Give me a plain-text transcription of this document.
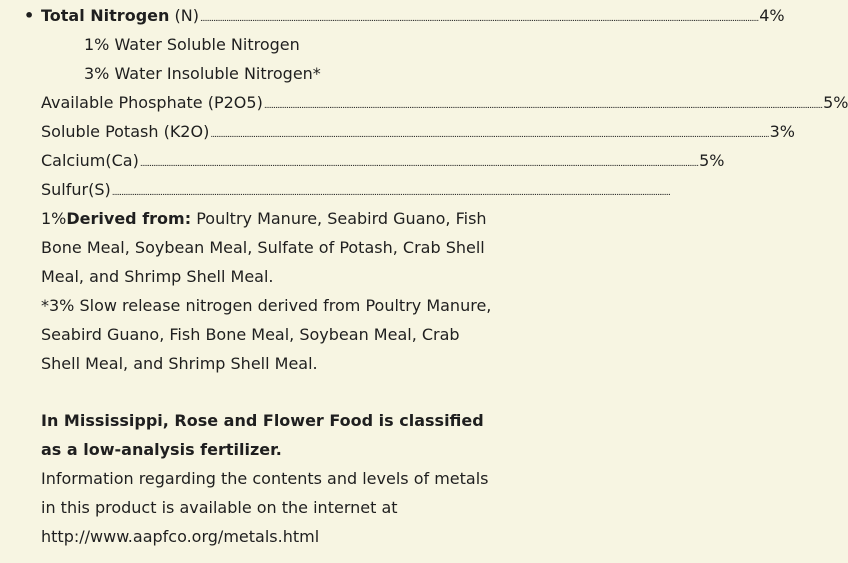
• Total Nitrogen (N) ............................................................................................................................................................................................................................................................................................................ 4%
1% Water Soluble Nitrogen
3% Water Insoluble Nitrogen*
Available Phosphate (P2O5) ............................................................................................................................................................................................................................................................................................................ 5%
Soluble Potash (K2O) ............................................................................................................................................................................................................................................................................................................ 3%
Calcium(Ca) ............................................................................................................................................................................................................................................................................................................ 5%
Sulfur(S) ............................................................................................................................................................................................................................................................................................................
1%Derived from: Poultry Manure, Seabird Guano, Fish Bone Meal, Soybean Meal, Sulfate of Potash, Crab Shell Meal, and Shrimp Shell Meal.
*3% Slow release nitrogen derived from Poultry Manure, Seabird Guano, Fish Bone Meal, Soybean Meal, Crab Shell Meal, and Shrimp Shell Meal.
In Mississippi, Rose and Flower Food is classified as a low-analysis fertilizer.
Information regarding the contents and levels of metals in this product is available on the internet at http://www.aapfco.org/metals.html
